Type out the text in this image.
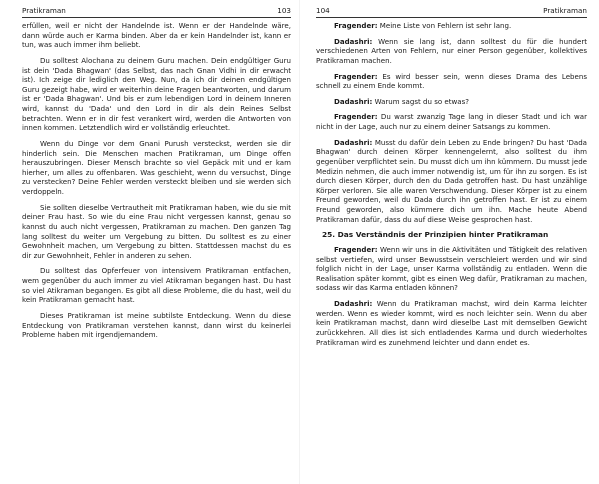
Pratikraman	103

erfüllen, weil er nicht der Handelnde ist. Wenn er der Handelnde wäre, dann würde auch er Karma binden. Aber da er kein Handelnder ist, kann er tun, was auch immer ihm beliebt.

Du solltest Alochana zu deinem Guru machen. Dein endgültiger Guru ist dein 'Dada Bhagwan' (das Selbst, das nach Gnan Vidhi in dir erwacht ist). Ich zeige dir lediglich den Weg. Nun, da ich dir deinen endgültigen Guru gezeigt habe, wird er weiterhin deine Fragen beantworten, und darum ist er 'Dada Bhagwan'. Und bis er zum lebendigen Lord in deinem Inneren wird, kannst du 'Dada' und den Lord in dir als dein Reines Selbst betrachten. Wenn er in dir fest verankert wird, werden die Antworten von innen kommen. Letztendlich wird er vollständig erleuchtet.

Wenn du Dinge vor dem Gnani Purush versteckst, werden sie dir hinderlich sein. Die Menschen machen Pratikraman, um Dinge offen herauszubringen. Dieser Mensch brachte so viel Gepäck mit und er kam hierher, um alles zu offenbaren. Was geschieht, wenn du versuchst, Dinge zu verstecken? Deine Fehler werden versteckt bleiben und sie werden sich verdoppeln.

Sie sollten dieselbe Vertrautheit mit Pratikraman haben, wie du sie mit deiner Frau hast. So wie du eine Frau nicht vergessen kannst, genau so kannst du auch nicht vergessen, Pratikraman zu machen. Den ganzen Tag lang solltest du weiter um Vergebung zu bitten. Du solltest es zu einer Gewohnheit machen, um Vergebung zu bitten. Stattdessen machst du es dir zur Gewohnheit, Fehler in anderen zu sehen.

Du solltest das Opferfeuer von intensivem Pratikraman entfachen, wem gegenüber du auch immer zu viel Atikraman begangen hast. Du hast so viel Atikraman begangen. Es gibt all diese Probleme, die du hast, weil du kein Pratikraman gemacht hast.

Dieses Pratikraman ist meine subtilste Entdeckung. Wenn du diese Entdeckung von Pratikraman verstehen kannst, dann wirst du keinerlei Probleme haben mit irgendjemandem.

104	Pratikraman

Fragender: Meine Liste von Fehlern ist sehr lang.

Dadashri: Wenn sie lang ist, dann solltest du für die hundert verschiedenen Arten von Fehlern, nur einer Person gegenüber, kollektives Pratikraman machen.

Fragender: Es wird besser sein, wenn dieses Drama des Lebens schnell zu einem Ende kommt.

Dadashri: Warum sagst du so etwas?

Fragender: Du warst zwanzig Tage lang in dieser Stadt und ich war nicht in der Lage, auch nur zu einem deiner Satsangs zu kommen.

Dadashri: Musst du dafür dein Leben zu Ende bringen? Du hast 'Dada Bhagwan' durch deinen Körper kennengelernt, also solltest du ihm gegenüber verpflichtet sein. Du musst dich um ihn kümmern. Du musst jede Medizin nehmen, die auch immer notwendig ist, um für ihn zu sorgen. Es ist durch diesen Körper, durch den du Dada getroffen hast. Du hast unzählige Körper verloren. Sie alle waren Verschwendung. Dieser Körper ist zu einem Freund geworden, weil du Dada durch ihn getroffen hast. Er ist zu einem Freund geworden, also kümmere dich um ihn. Mache heute Abend Pratikraman dafür, dass du auf diese Weise gesprochen hast.

25. Das Verständnis der Prinzipien hinter Pratikraman

Fragender: Wenn wir uns in die Aktivitäten und Tätigkeit des relativen selbst vertiefen, wird unser Bewusstsein verschleiert werden und wir sind folglich nicht in der Lage, unser Karma vollständig zu entladen. Wenn die Realisation später kommt, gibt es einen Weg dafür, Pratikraman zu machen, sodass wir das Karma entladen können?

Dadashri: Wenn du Pratikraman machst, wird dein Karma leichter werden. Wenn es wieder kommt, wird es noch leichter sein. Wenn du aber kein Pratikraman machst, dann wird dieselbe Last mit demselben Gewicht zurückkehren. All dies ist sich entladendes Karma und durch wiederholtes Pratikraman wird es zunehmend leichter und dann endet es.
